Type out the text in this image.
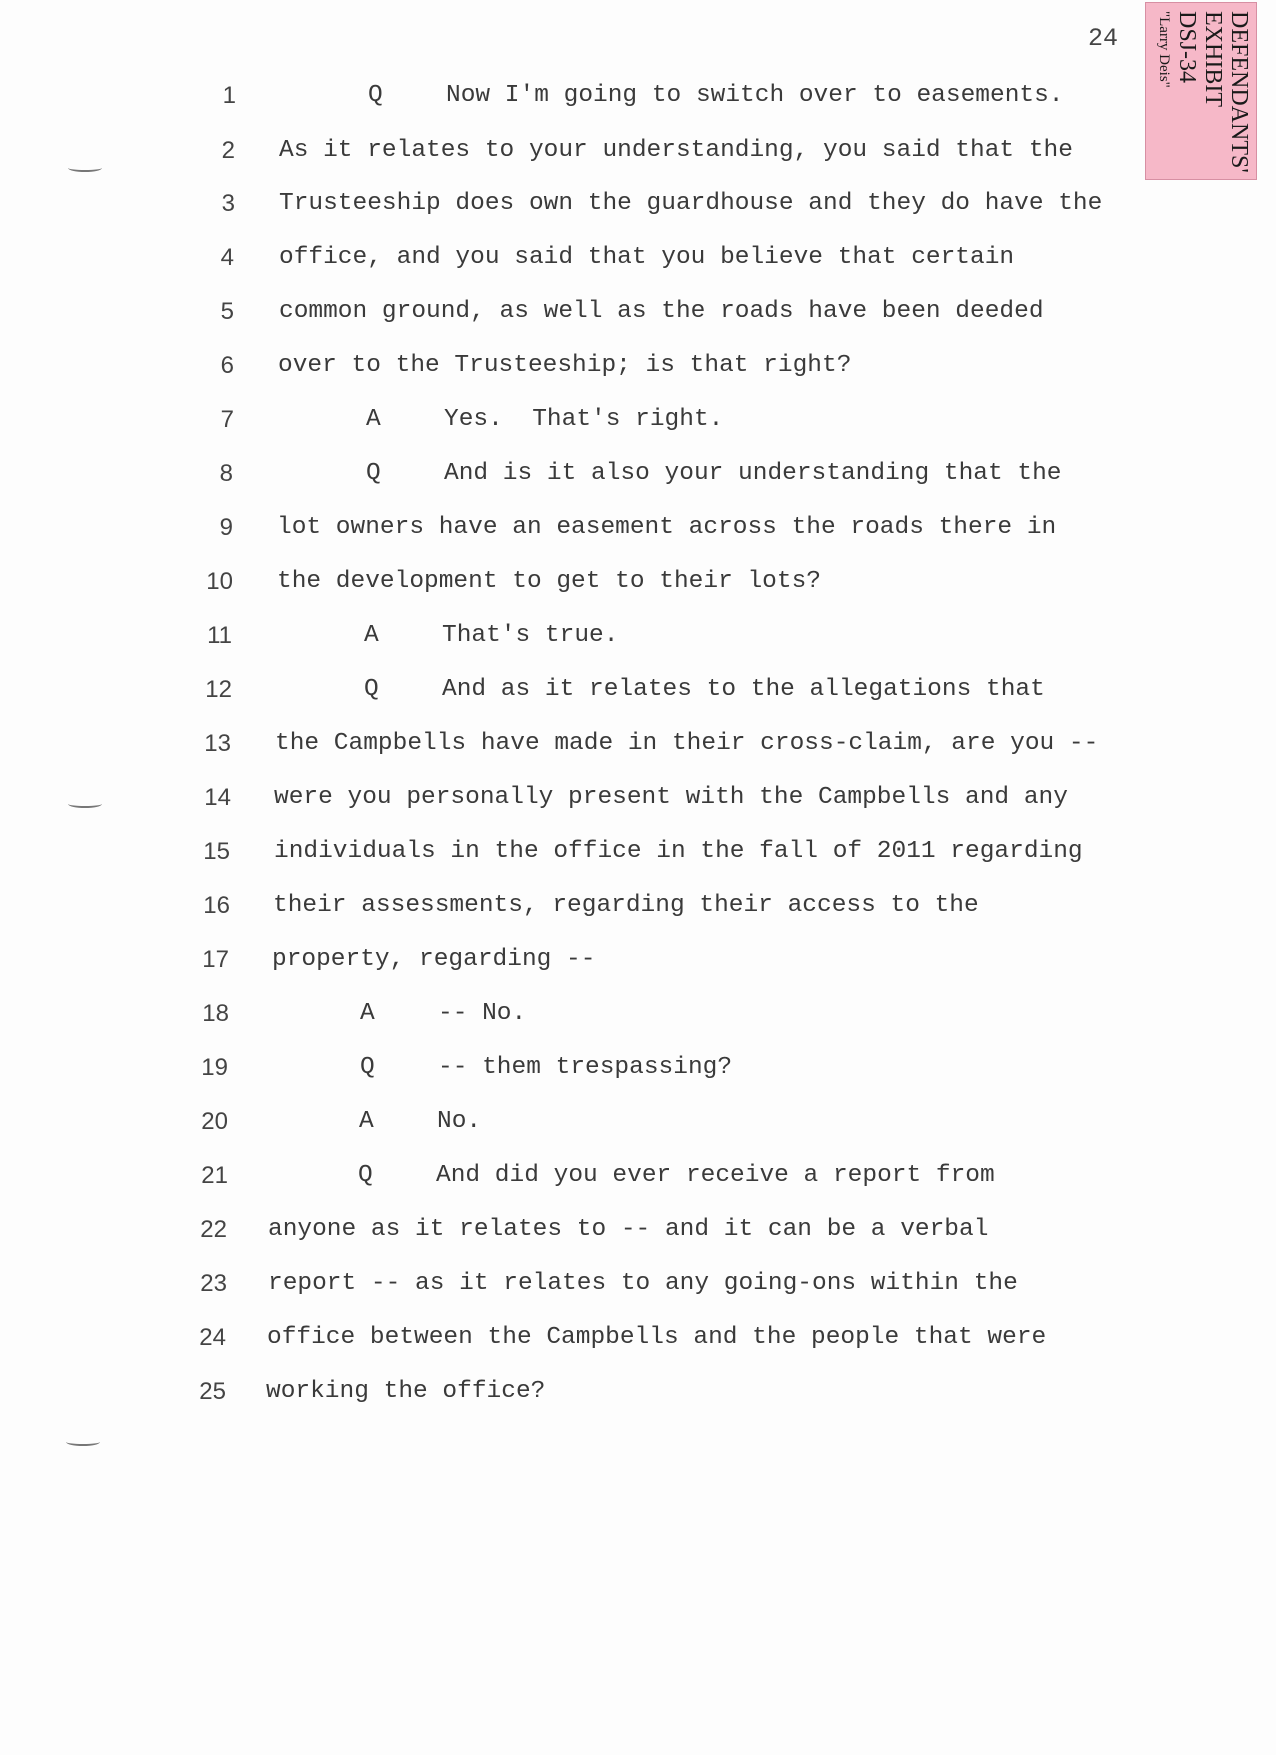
24	DEFENDANTS'
EXHIBIT
DSJ-34
"Larry Deis"
1	Q	Now I'm going to switch over to easements.
2 As it relates to your understanding, you said that the
3 Trusteeship does own the guardhouse and they do have the
4 office, and you said that you believe that certain
5 common ground, as well as the roads have been deeded
6 over to the Trusteeship; is that right?
7	A	Yes.  That's right.
8	Q	And is it also your understanding that the
9 lot owners have an easement across the roads there in
10 the development to get to their lots?
11	A	That's true.
12	Q	And as it relates to the allegations that
13 the Campbells have made in their cross-claim, are you --
14 were you personally present with the Campbells and any
15 individuals in the office in the fall of 2011 regarding
16 their assessments, regarding their access to the
17 property, regarding --
18	A	-- No.
19	Q	-- them trespassing?
20	A	No.
21	Q	And did you ever receive a report from
22 anyone as it relates to -- and it can be a verbal
23 report -- as it relates to any going-ons within the
24 office between the Campbells and the people that were
25 working the office?
